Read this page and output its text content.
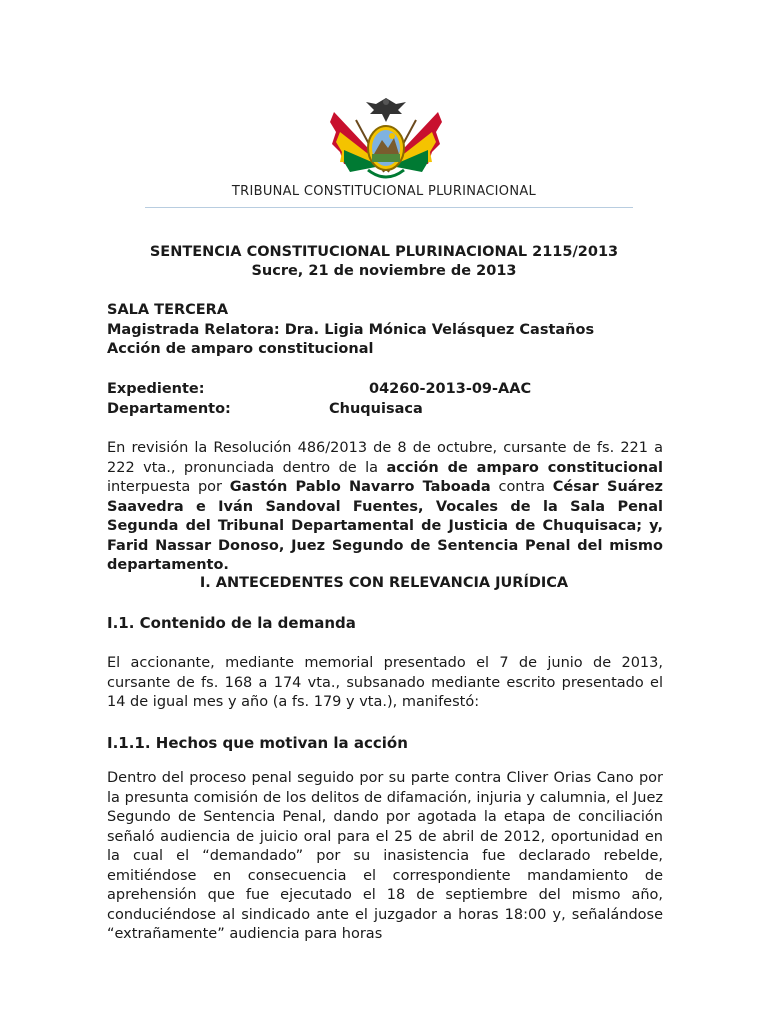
TRIBUNAL CONSTITUCIONAL PLURINACIONAL
SENTENCIA CONSTITUCIONAL PLURINACIONAL 2115/2013
Sucre, 21 de noviembre de 2013
SALA TERCERA
Magistrada Relatora: Dra. Ligia Mónica Velásquez Castaños
Acción de amparo constitucional
Expediente:	04260-2013-09-AAC
Departamento:	Chuquisaca
En revisión la Resolución 486/2013 de 8 de octubre, cursante de fs. 221 a 222 vta., pronunciada dentro de la acción de amparo constitucional interpuesta por Gastón Pablo Navarro Taboada contra César Suárez Saavedra e Iván Sandoval Fuentes, Vocales de la Sala Penal Segunda del Tribunal Departamental de Justicia de Chuquisaca; y, Farid Nassar Donoso, Juez Segundo de Sentencia Penal del mismo departamento.
I. ANTECEDENTES CON RELEVANCIA JURÍDICA
I.1. Contenido de la demanda
El accionante, mediante memorial presentado el 7 de junio de 2013, cursante de fs. 168 a 174 vta., subsanado mediante escrito presentado el 14 de igual mes y año (a fs. 179 y vta.), manifestó:
I.1.1. Hechos que motivan la acción
Dentro del proceso penal seguido por su parte contra Cliver Orias Cano por la presunta comisión de los delitos de difamación, injuria y calumnia, el Juez Segundo de Sentencia Penal, dando por agotada la etapa de conciliación señaló audiencia de juicio oral para el 25 de abril de 2012, oportunidad en la cual el “demandado” por su inasistencia fue declarado rebelde, emitiéndose en consecuencia el correspondiente mandamiento de aprehensión que fue ejecutado el 18 de septiembre del mismo año, conduciéndose al sindicado ante el juzgador a horas 18:00 y, señalándose “extrañamente” audiencia para horas
